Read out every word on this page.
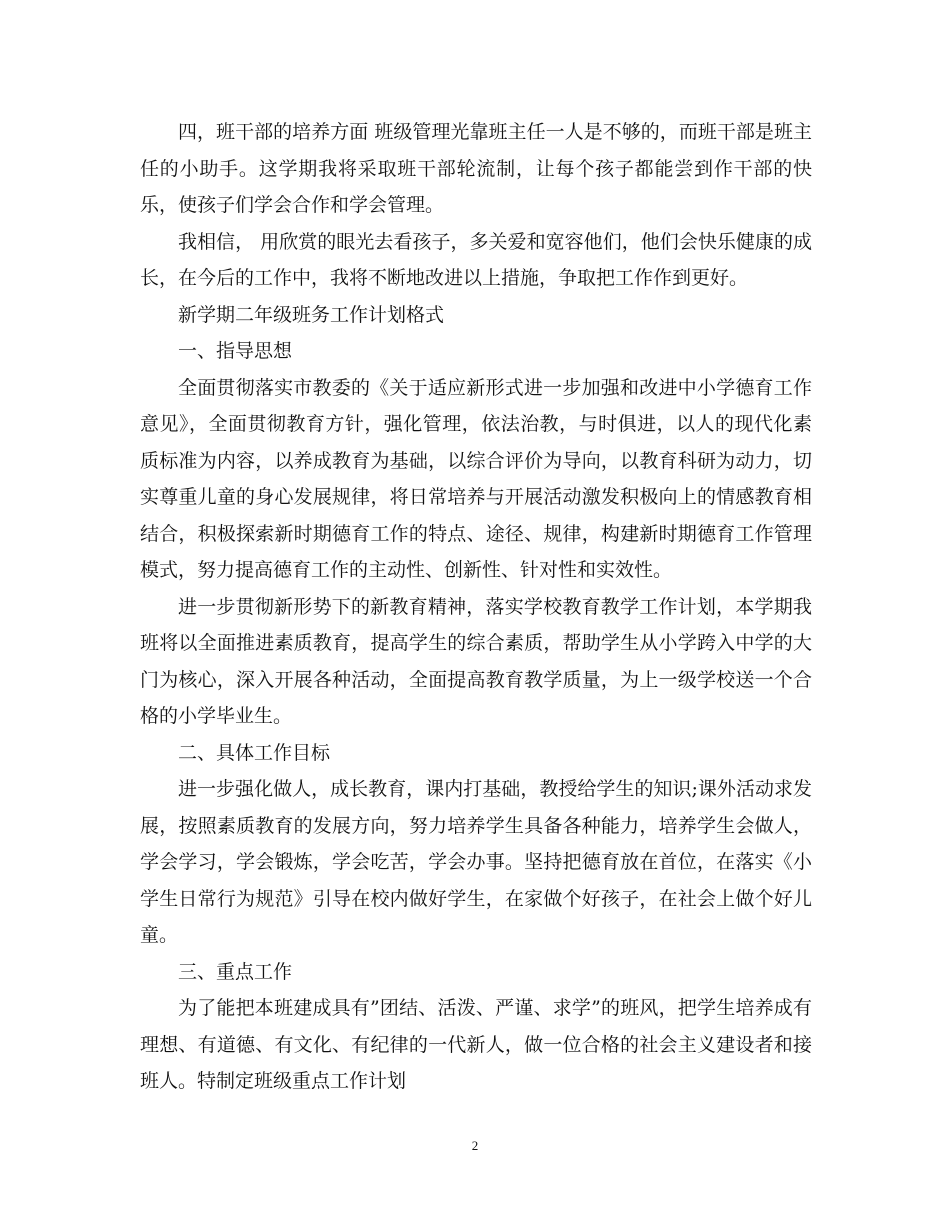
四，班干部的培养方面 班级管理光靠班主任一人是不够的，而班干部是班主任的小助手。这学期我将采取班干部轮流制，让每个孩子都能尝到作干部的快乐，使孩子们学会合作和学会管理。

我相信， 用欣赏的眼光去看孩子，多关爱和宽容他们，他们会快乐健康的成长，在今后的工作中，我将不断地改进以上措施，争取把工作作到更好。

新学期二年级班务工作计划格式

一、指导思想

全面贯彻落实市教委的《关于适应新形式进一步加强和改进中小学德育工作意见》，全面贯彻教育方针，强化管理，依法治教，与时俱进，以人的现代化素质标准为内容，以养成教育为基础，以综合评价为导向，以教育科研为动力，切实尊重儿童的身心发展规律，将日常培养与开展活动激发积极向上的情感教育相结合，积极探索新时期德育工作的特点、途径、规律，构建新时期德育工作管理模式，努力提高德育工作的主动性、创新性、针对性和实效性。

进一步贯彻新形势下的新教育精神，落实学校教育教学工作计划，本学期我班将以全面推进素质教育，提高学生的综合素质，帮助学生从小学跨入中学的大门为核心，深入开展各种活动，全面提高教育教学质量，为上一级学校送一个合格的小学毕业生。

二、具体工作目标

进一步强化做人，成长教育，课内打基础，教授给学生的知识;课外活动求发展，按照素质教育的发展方向，努力培养学生具备各种能力，培养学生会做人，学会学习，学会锻炼，学会吃苦，学会办事。坚持把德育放在首位，在落实《小学生日常行为规范》引导在校内做好学生，在家做个好孩子，在社会上做个好儿童。

三、重点工作

为了能把本班建成具有”团结、活泼、严谨、求学”的班风，把学生培养成有理想、有道德、有文化、有纪律的一代新人，做一位合格的社会主义建设者和接班人。特制定班级重点工作计划

2
